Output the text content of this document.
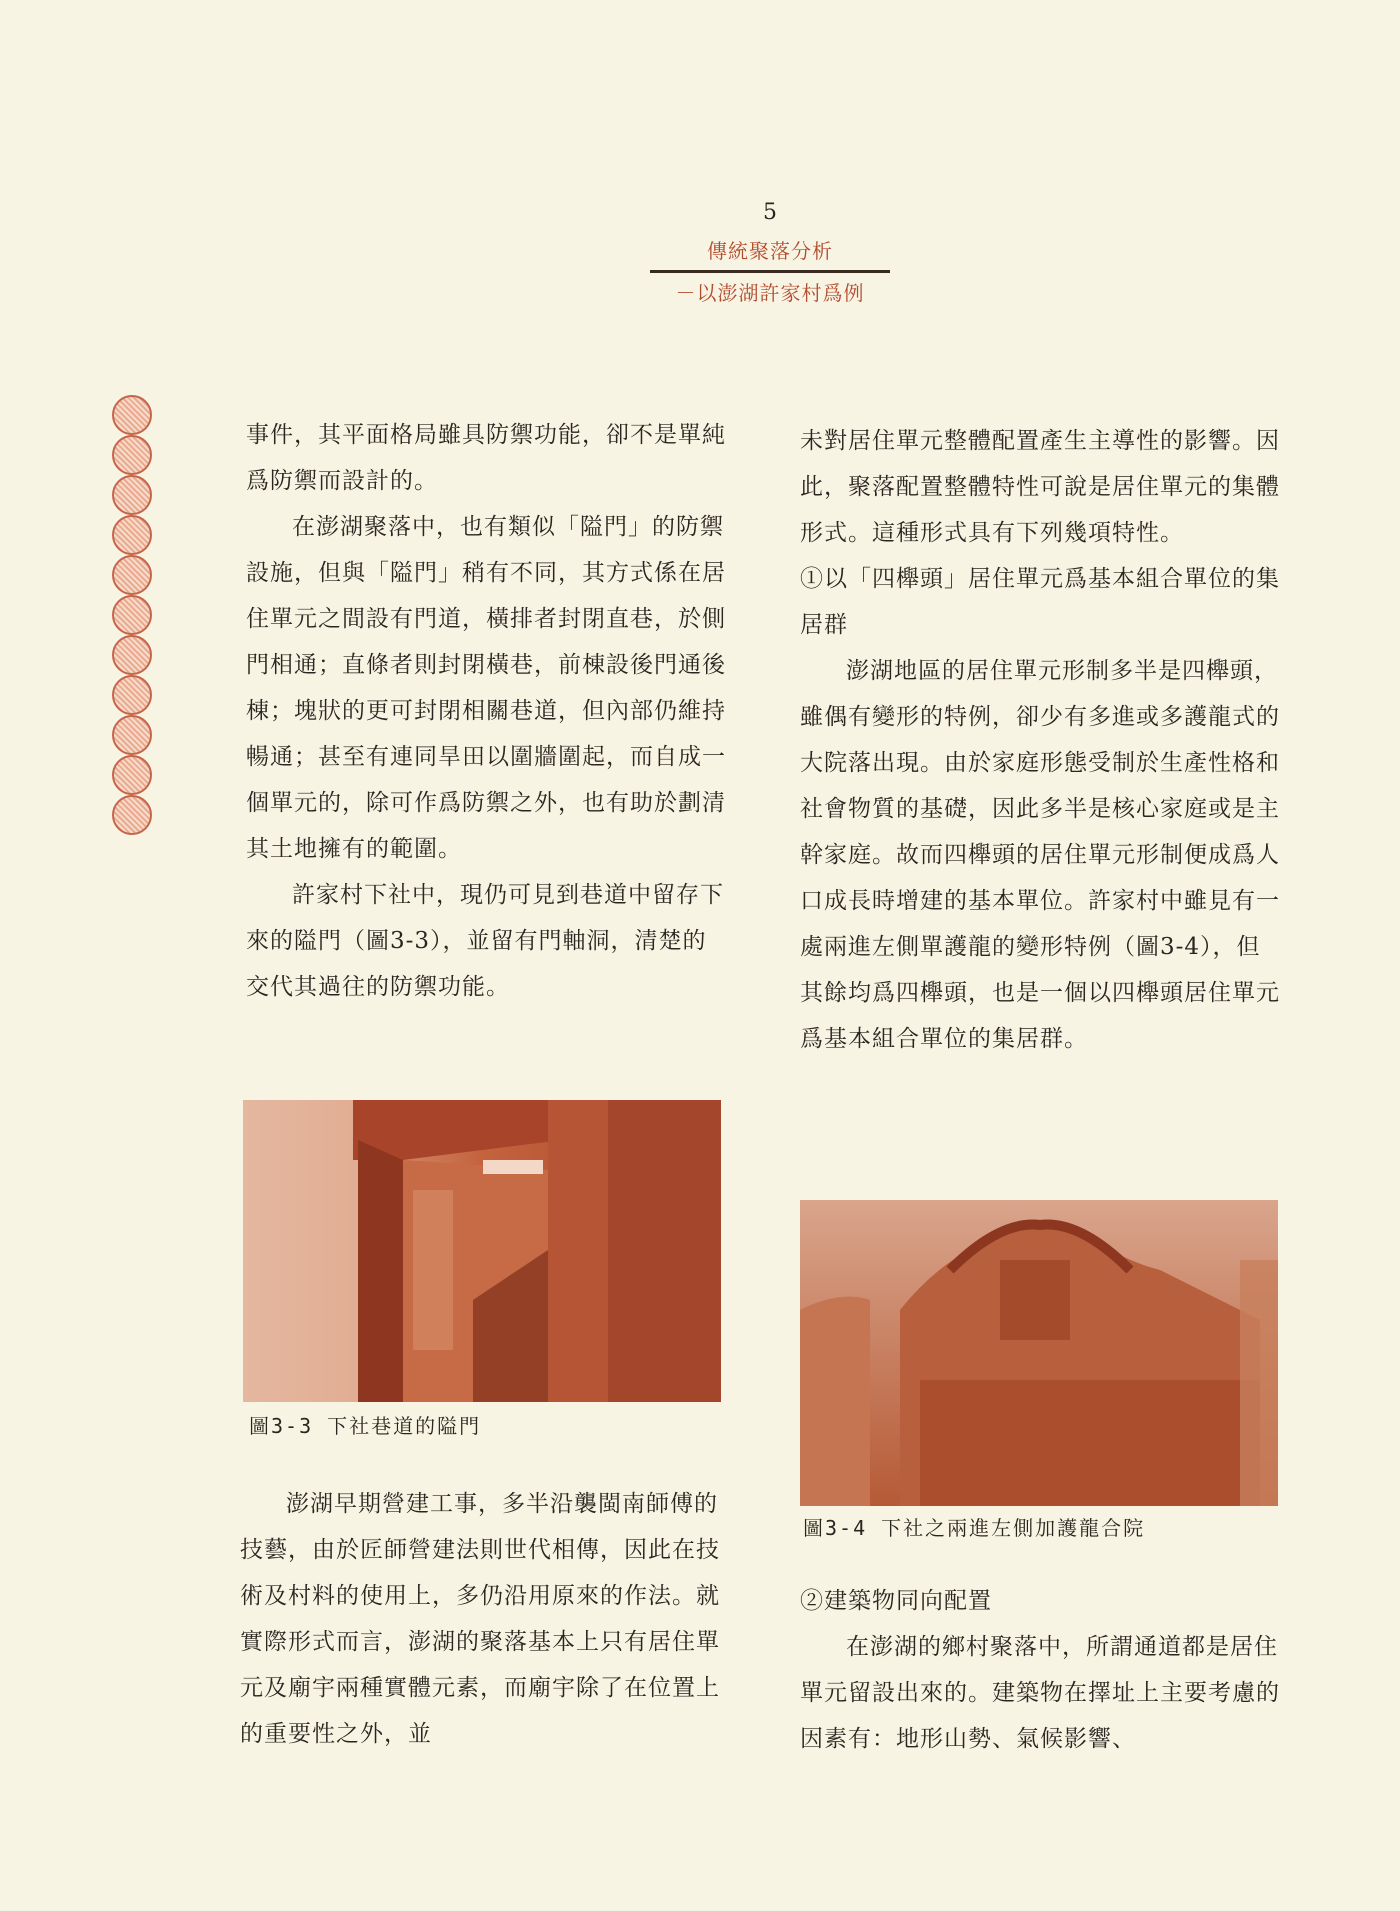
5
傳統聚落分析
－以澎湖許家村爲例

事件，其平面格局雖具防禦功能，卻不是單純爲防禦而設計的。

在澎湖聚落中，也有類似「隘門」的防禦設施，但與「隘門」稍有不同，其方式係在居住單元之間設有門道，橫排者封閉直巷，於側門相通；直條者則封閉橫巷，前棟設後門通後棟；塊狀的更可封閉相關巷道，但內部仍維持暢通；甚至有連同旱田以圍牆圍起，而自成一個單元的，除可作爲防禦之外，也有助於劃清其土地擁有的範圍。

許家村下社中，現仍可見到巷道中留存下來的隘門（圖3-3），並留有門軸洞，清楚的交代其過往的防禦功能。

圖3-3 下社巷道的隘門

澎湖早期營建工事，多半沿襲閩南師傅的技藝，由於匠師營建法則世代相傳，因此在技術及村料的使用上，多仍沿用原來的作法。就實際形式而言，澎湖的聚落基本上只有居住單元及廟宇兩種實體元素，而廟宇除了在位置上的重要性之外，並

未對居住單元整體配置產生主導性的影響。因此，聚落配置整體特性可說是居住單元的集體形式。這種形式具有下列幾項特性。

①以「四櫸頭」居住單元爲基本組合單位的集居群

澎湖地區的居住單元形制多半是四櫸頭，雖偶有變形的特例，卻少有多進或多護龍式的大院落出現。由於家庭形態受制於生產性格和社會物質的基礎，因此多半是核心家庭或是主幹家庭。故而四櫸頭的居住單元形制便成爲人口成長時增建的基本單位。許家村中雖見有一處兩進左側單護龍的變形特例（圖3-4），但其餘均爲四櫸頭，也是一個以四櫸頭居住單元爲基本組合單位的集居群。

圖3-4 下社之兩進左側加護龍合院

②建築物同向配置

在澎湖的鄉村聚落中，所謂通道都是居住單元留設出來的。建築物在擇址上主要考慮的因素有：地形山勢、氣候影響、
